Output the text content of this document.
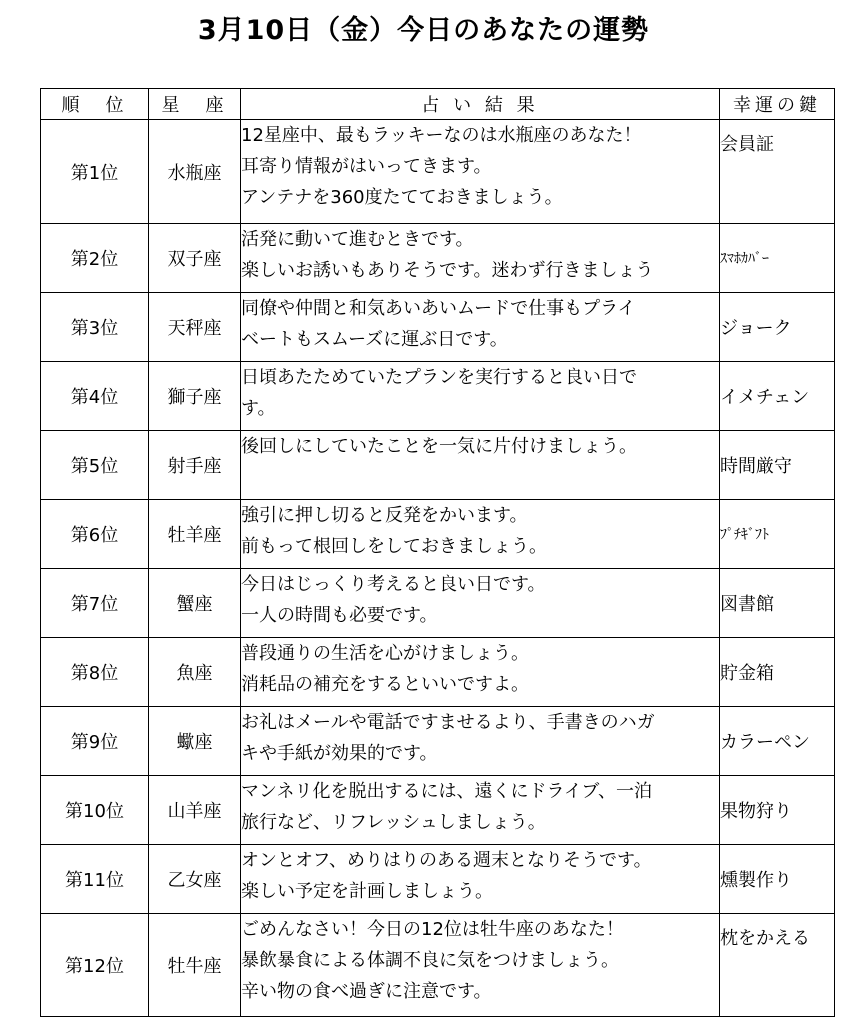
3月10日（金）今日のあなたの運勢
順　位	星　座	占 い 結 果	幸運の鍵
第1位	水瓶座	12星座中、最もラッキーなのは水瓶座のあなた！
耳寄り情報がはいってきます。
アンテナを360度たてておきましょう。	会員証
第2位	双子座	活発に動いて進むときです。
楽しいお誘いもありそうです。迷わず行きましょう	ｽﾏﾎｶﾊﾞｰ
第3位	天秤座	同僚や仲間と和気あいあいムードで仕事もプライ
ベートもスムーズに運ぶ日です。	ジョーク
第4位	獅子座	日頃あたためていたプランを実行すると良い日で
す。	イメチェン
第5位	射手座	後回しにしていたことを一気に片付けましょう。	時間厳守
第6位	牡羊座	強引に押し切ると反発をかいます。
前もって根回しをしておきましょう。	ﾌﾟﾁｷﾞﾌﾄ
第7位	蟹座	今日はじっくり考えると良い日です。
一人の時間も必要です。	図書館
第8位	魚座	普段通りの生活を心がけましょう。
消耗品の補充をするといいですよ。	貯金箱
第9位	蠍座	お礼はメールや電話ですませるより、手書きのハガ
キや手紙が効果的です。	カラーペン
第10位	山羊座	マンネリ化を脱出するには、遠くにドライブ、一泊
旅行など、リフレッシュしましょう。	果物狩り
第11位	乙女座	オンとオフ、めりはりのある週末となりそうです。
楽しい予定を計画しましょう。	燻製作り
第12位	牡牛座	ごめんなさい！今日の12位は牡牛座のあなた！
暴飲暴食による体調不良に気をつけましょう。
辛い物の食べ過ぎに注意です。	枕をかえる
